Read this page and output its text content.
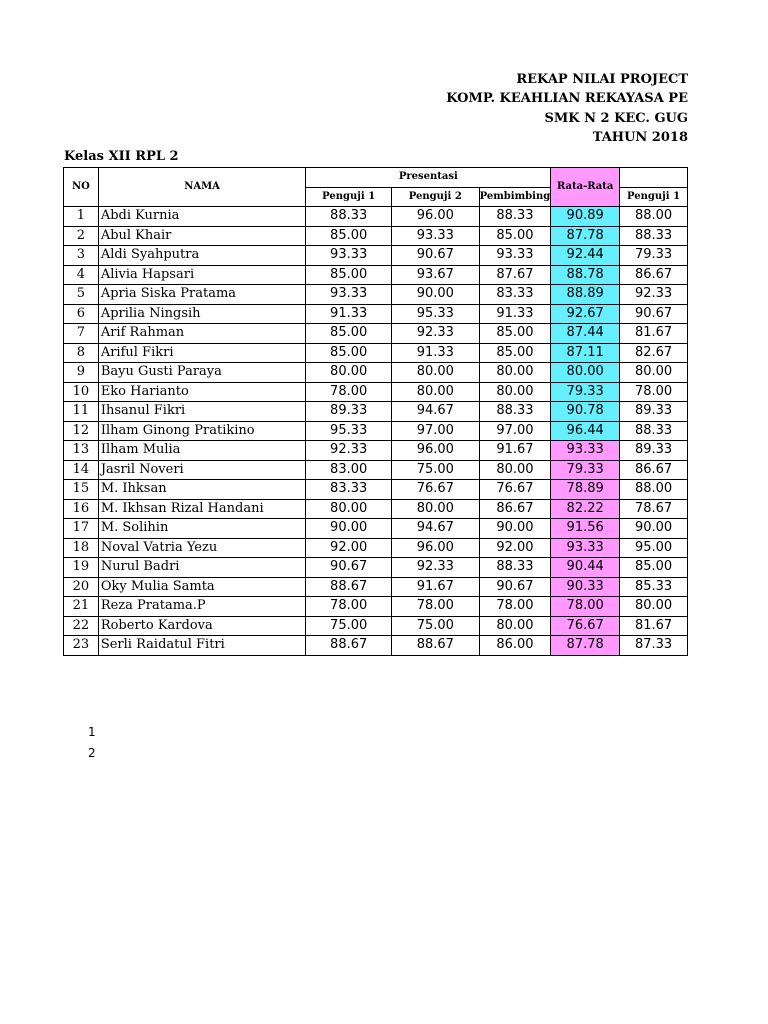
REKAP NILAI PROJECT
KOMP. KEAHLIAN REKAYASA PE
SMK N 2 KEC. GUG
TAHUN 2018
Kelas XII RPL 2
NO	NAMA	Presentasi			Rata-Rata	
		Penguji 1	Penguji 2	Pembimbing		Penguji 1
1	Abdi Kurnia	88.33	96.00	88.33	90.89	88.00
2	Abul Khair	85.00	93.33	85.00	87.78	88.33
3	Aldi Syahputra	93.33	90.67	93.33	92.44	79.33
4	Alivia Hapsari	85.00	93.67	87.67	88.78	86.67
5	Apria Siska Pratama	93.33	90.00	83.33	88.89	92.33
6	Aprilia Ningsih	91.33	95.33	91.33	92.67	90.67
7	Arif Rahman	85.00	92.33	85.00	87.44	81.67
8	Ariful Fikri	85.00	91.33	85.00	87.11	82.67
9	Bayu Gusti Paraya	80.00	80.00	80.00	80.00	80.00
10	Eko Harianto	78.00	80.00	80.00	79.33	78.00
11	Ihsanul Fikri	89.33	94.67	88.33	90.78	89.33
12	Ilham Ginong Pratikino	95.33	97.00	97.00	96.44	88.33
13	Ilham Mulia	92.33	96.00	91.67	93.33	89.33
14	Jasril Noveri	83.00	75.00	80.00	79.33	86.67
15	M. Ihksan	83.33	76.67	76.67	78.89	88.00
16	M. Ikhsan Rizal Handani	80.00	80.00	86.67	82.22	78.67
17	M. Solihin	90.00	94.67	90.00	91.56	90.00
18	Noval Vatria Yezu	92.00	96.00	92.00	93.33	95.00
19	Nurul Badri	90.67	92.33	88.33	90.44	85.00
20	Oky Mulia Samta	88.67	91.67	90.67	90.33	85.33
21	Reza Pratama.P	78.00	78.00	78.00	78.00	80.00
22	Roberto Kardova	75.00	75.00	80.00	76.67	81.67
23	Serli Raidatul Fitri	88.67	88.67	86.00	87.78	87.33
1
2
